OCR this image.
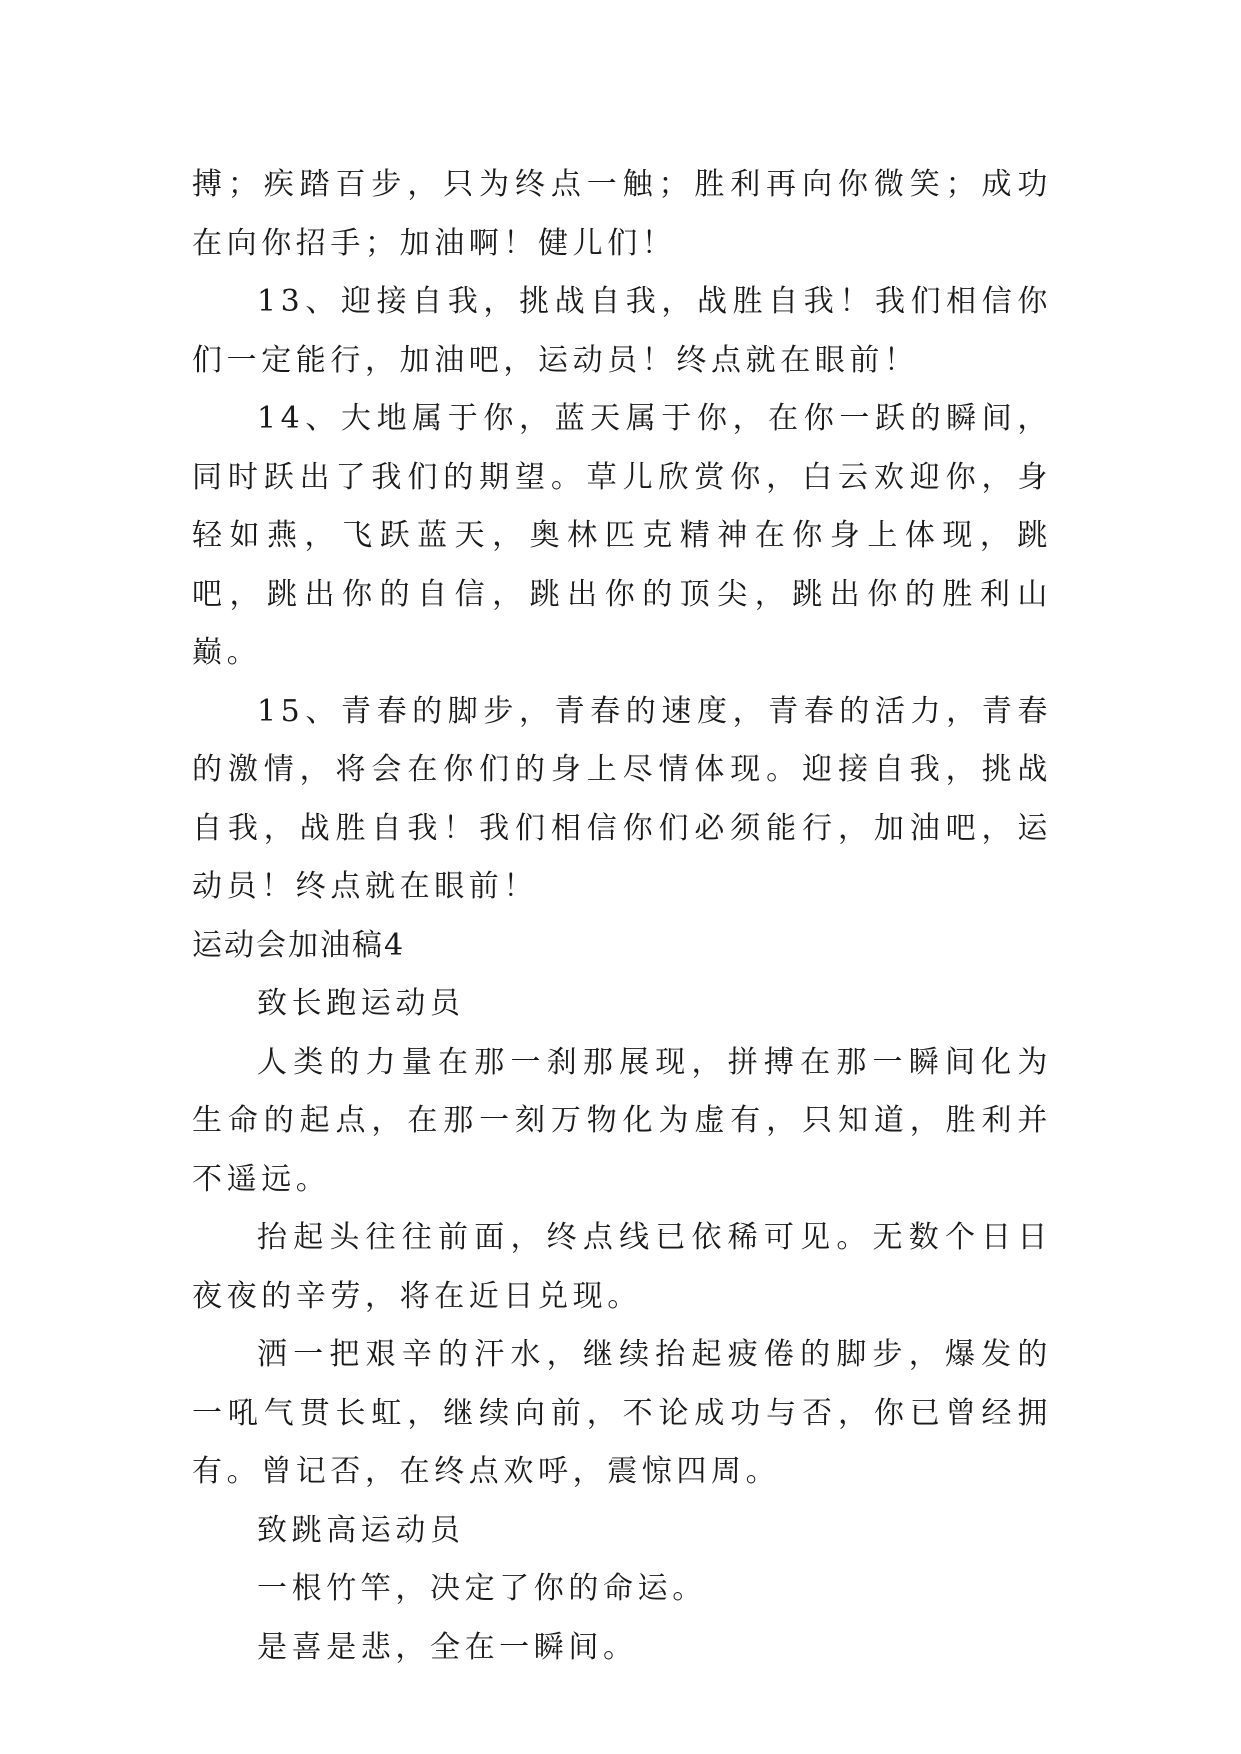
搏；疾踏百步，只为终点一触；胜利再向你微笑；成功在向你招手；加油啊！健儿们！

13、迎接自我，挑战自我，战胜自我！我们相信你们一定能行，加油吧，运动员！终点就在眼前！

14、大地属于你，蓝天属于你，在你一跃的瞬间，同时跃出了我们的期望。草儿欣赏你，白云欢迎你，身轻如燕，飞跃蓝天，奥林匹克精神在你身上体现，跳吧，跳出你的自信，跳出你的顶尖，跳出你的胜利山巅。

15、青春的脚步，青春的速度，青春的活力，青春的激情，将会在你们的身上尽情体现。迎接自我，挑战自我，战胜自我！我们相信你们必须能行，加油吧，运动员！终点就在眼前！

运动会加油稿4

致长跑运动员

人类的力量在那一刹那展现，拼搏在那一瞬间化为生命的起点，在那一刻万物化为虚有，只知道，胜利并不遥远。

抬起头往往前面，终点线已依稀可见。无数个日日夜夜的辛劳，将在近日兑现。

洒一把艰辛的汗水，继续抬起疲倦的脚步，爆发的一吼气贯长虹，继续向前，不论成功与否，你已曾经拥有。曾记否，在终点欢呼，震惊四周。

致跳高运动员

一根竹竿，决定了你的命运。

是喜是悲，全在一瞬间。
